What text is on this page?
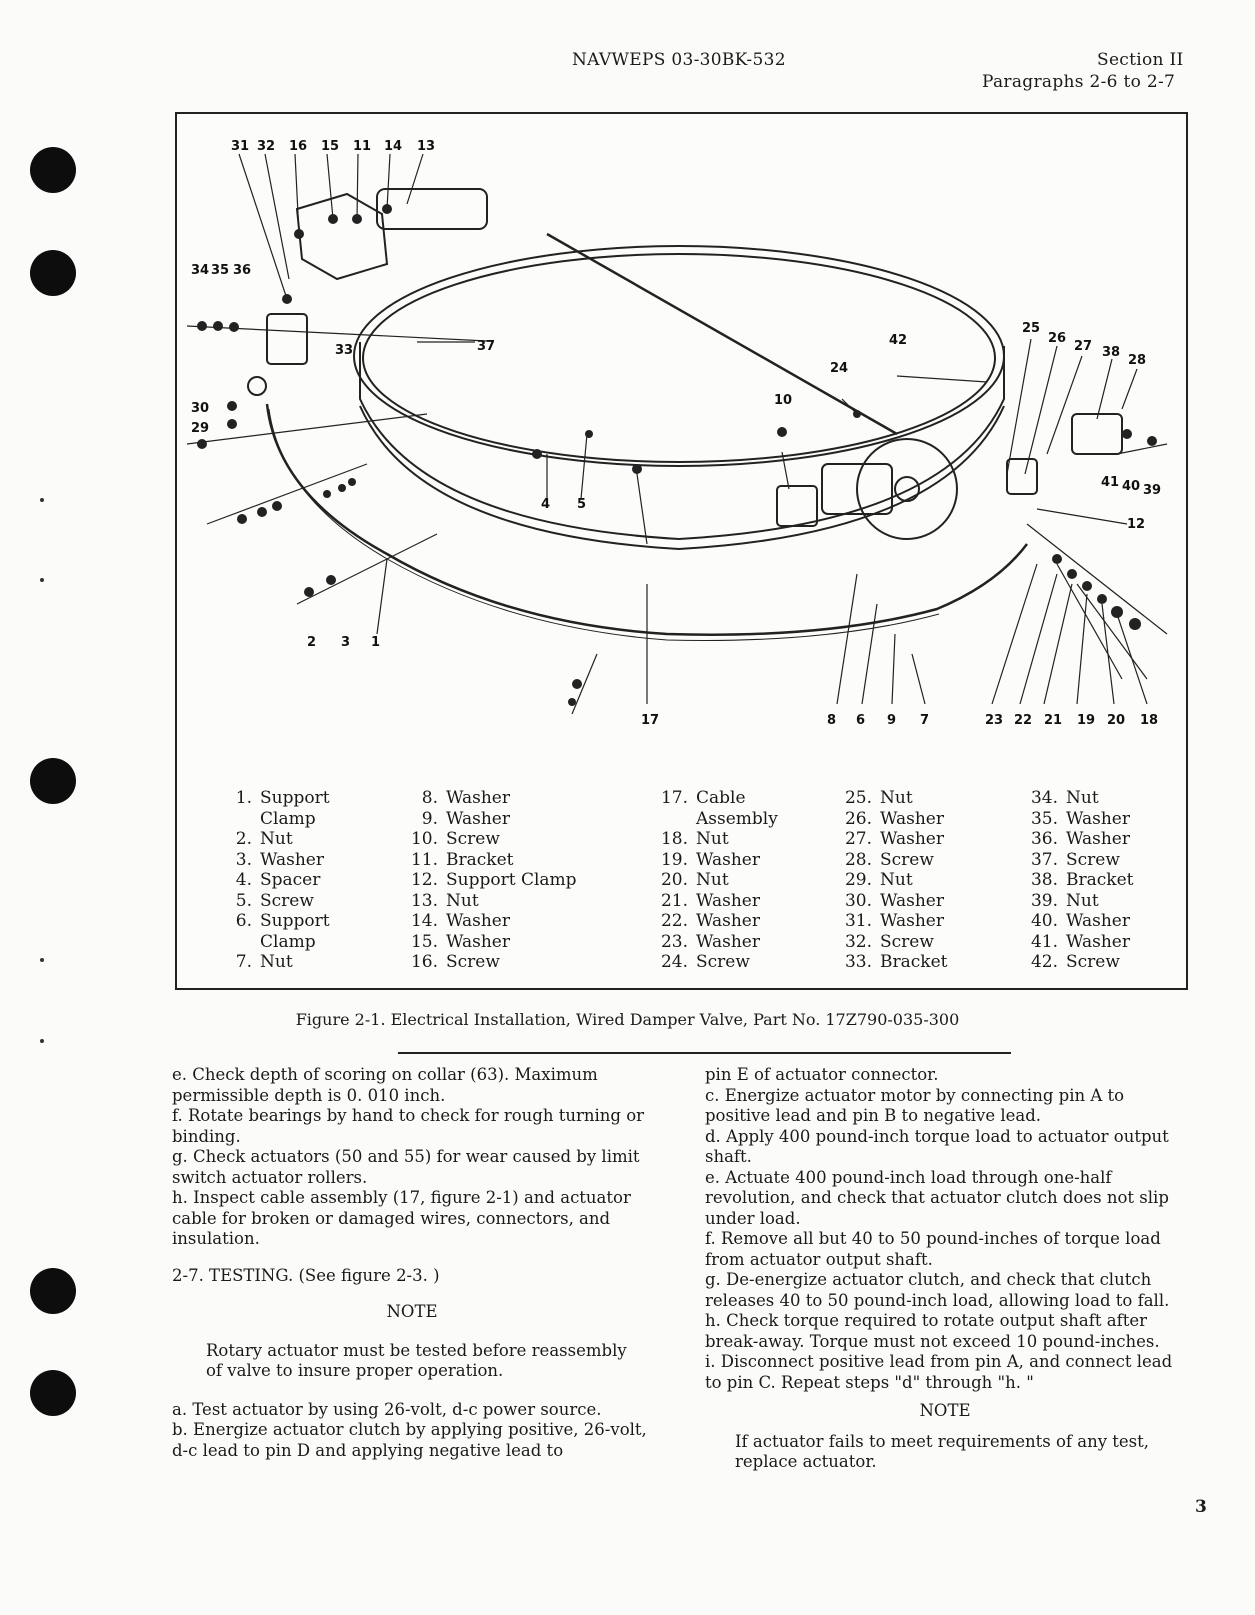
NAVWEPS 03-30BK-532	Section II
Paragraphs 2-6 to 2-7
31 32 16 15 11 14 13
34 35 36
33	37
30
29
42
24
10
25
26
27 38
28
41 40 39
12
4 5
2 3 1
17	8 6 9 7	23 22 21 19 20 18
1. Support
Clamp
2. Nut
3. Washer
4. Spacer
5. Screw
6. Support
Clamp
7. Nut
8. Washer
9. Washer
10. Screw
11. Bracket
12. Support Clamp
13. Nut
14. Washer
15. Washer
16. Screw
17. Cable
Assembly
18. Nut
19. Washer
20. Nut
21. Washer
22. Washer
23. Washer
24. Screw
25. Nut
26. Washer
27. Washer
28. Screw
29. Nut
30. Washer
31. Washer
32. Screw
33. Bracket
34. Nut
35. Washer
36. Washer
37. Screw
38. Bracket
39. Nut
40. Washer
41. Washer
42. Screw
Figure 2-1. Electrical Installation, Wired Damper Valve, Part No. 17Z790-035-300

e. Check depth of scoring on collar (63). Maximum permissible depth is 0. 010 inch.

f. Rotate bearings by hand to check for rough turning or binding.

g. Check actuators (50 and 55) for wear caused by limit switch actuator rollers.

h. Inspect cable assembly (17, figure 2-1) and actuator cable for broken or damaged wires, connectors, and insulation.

2-7. TESTING. (See figure 2-3. )

NOTE

Rotary actuator must be tested before reassembly of valve to insure proper operation.

a. Test actuator by using 26-volt, d-c power source.

b. Energize actuator clutch by applying positive, 26-volt, d-c lead to pin D and applying negative lead to

pin E of actuator connector.

c. Energize actuator motor by connecting pin A to positive lead and pin B to negative lead.

d. Apply 400 pound-inch torque load to actuator output shaft.

e. Actuate 400 pound-inch load through one-half revolution, and check that actuator clutch does not slip under load.

f. Remove all but 40 to 50 pound-inches of torque load from actuator output shaft.

g. De-energize actuator clutch, and check that clutch releases 40 to 50 pound-inch load, allowing load to fall.

h. Check torque required to rotate output shaft after break-away. Torque must not exceed 10 pound-inches.

i. Disconnect positive lead from pin A, and connect lead to pin C. Repeat steps "d" through "h. "

NOTE

If actuator fails to meet requirements of any test, replace actuator.

3
